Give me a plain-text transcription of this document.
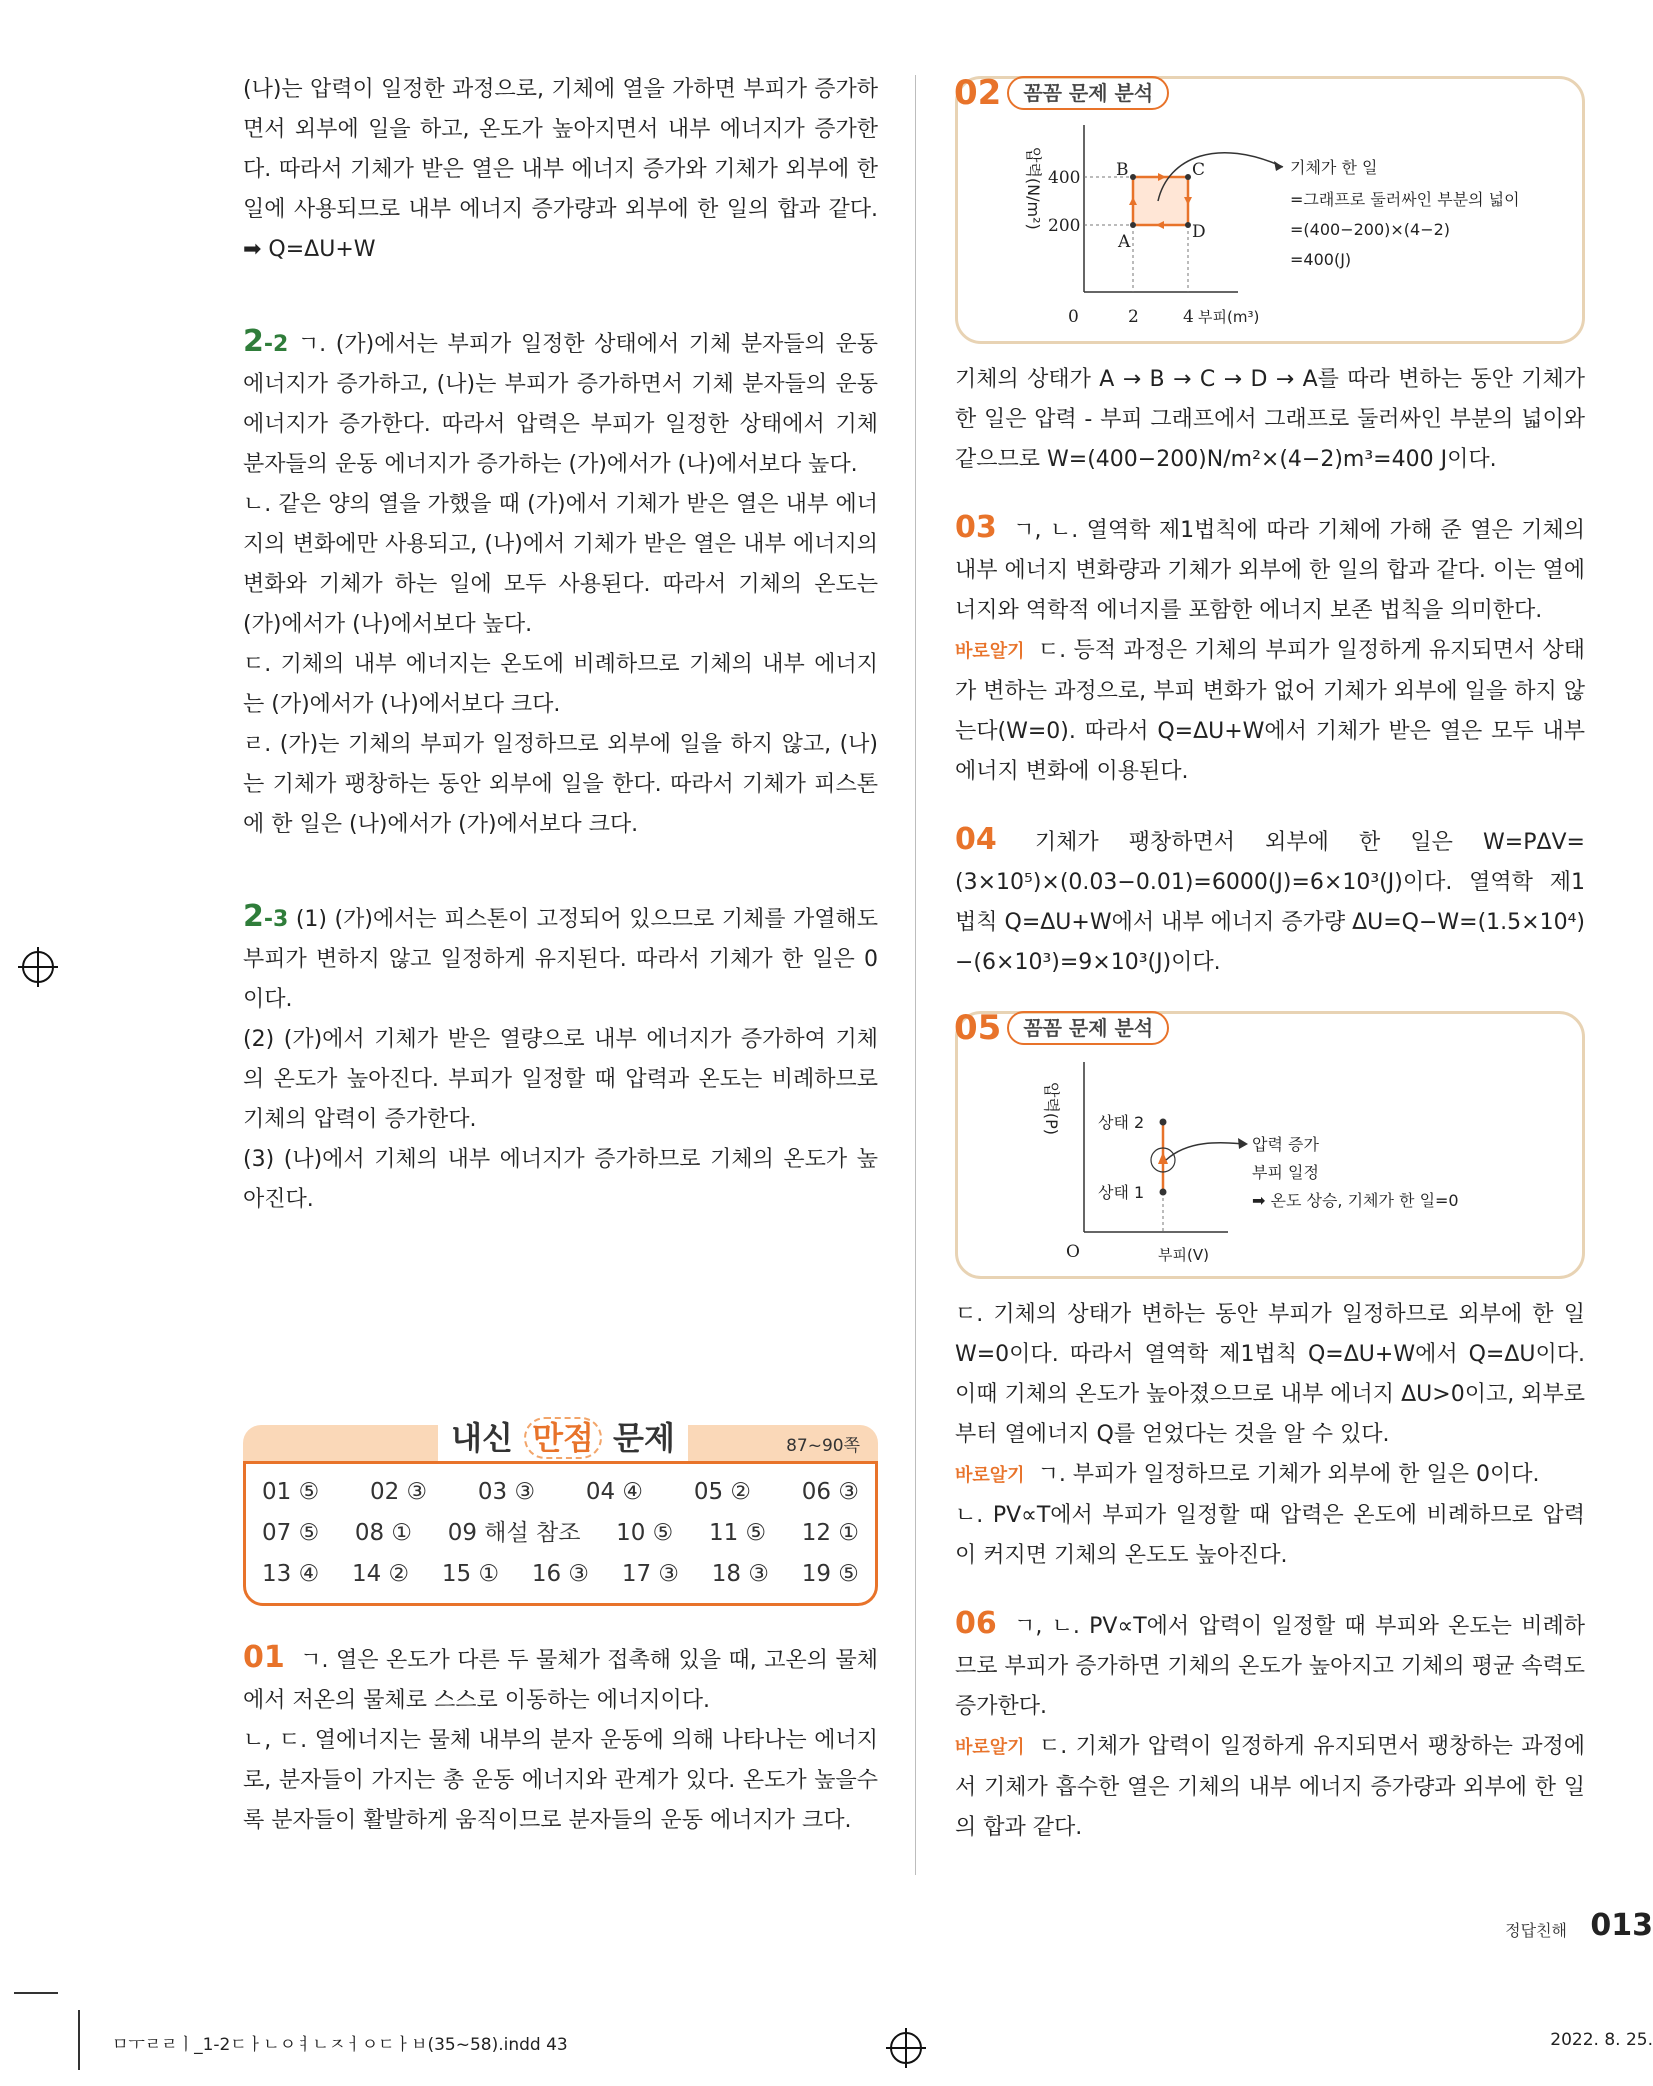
(나)는 압력이 일정한 과정으로, 기체에 열을 가하면 부피가 증가하면서 외부에 일을 하고, 온도가 높아지면서 내부 에너지가 증가한다. 따라서 기체가 받은 열은 내부 에너지 증가와 기체가 외부에 한 일에 사용되므로 내부 에너지 증가량과 외부에 한 일의 합과 같다. ➡ Q=ΔU+W

2-2 ㄱ. (가)에서는 부피가 일정한 상태에서 기체 분자들의 운동 에너지가 증가하고, (나)는 부피가 증가하면서 기체 분자들의 운동 에너지가 증가한다. 따라서 압력은 부피가 일정한 상태에서 기체 분자들의 운동 에너지가 증가하는 (가)에서가 (나)에서보다 높다.

ㄴ. 같은 양의 열을 가했을 때 (가)에서 기체가 받은 열은 내부 에너지의 변화에만 사용되고, (나)에서 기체가 받은 열은 내부 에너지의 변화와 기체가 하는 일에 모두 사용된다. 따라서 기체의 온도는 (가)에서가 (나)에서보다 높다.

ㄷ. 기체의 내부 에너지는 온도에 비례하므로 기체의 내부 에너지는 (가)에서가 (나)에서보다 크다.

ㄹ. (가)는 기체의 부피가 일정하므로 외부에 일을 하지 않고, (나)는 기체가 팽창하는 동안 외부에 일을 한다. 따라서 기체가 피스톤에 한 일은 (나)에서가 (가)에서보다 크다.

2-3 (1) (가)에서는 피스톤이 고정되어 있으므로 기체를 가열해도 부피가 변하지 않고 일정하게 유지된다. 따라서 기체가 한 일은 0이다.

(2) (가)에서 기체가 받은 열량으로 내부 에너지가 증가하여 기체의 온도가 높아진다. 부피가 일정할 때 압력과 온도는 비례하므로 기체의 압력이 증가한다.

(3) (나)에서 기체의 내부 에너지가 증가하므로 기체의 온도가 높아진다.

내신 만점 문제	87~90쪽
01 ⑤ 02 ③ 03 ③ 04 ④ 05 ② 06 ③
07 ⑤ 08 ① 09 해설 참조 10 ⑤ 11 ⑤ 12 ①
13 ④ 14 ② 15 ① 16 ③ 17 ③ 18 ③ 19 ⑤

01 ㄱ. 열은 온도가 다른 두 물체가 접촉해 있을 때, 고온의 물체에서 저온의 물체로 스스로 이동하는 에너지이다.

ㄴ, ㄷ. 열에너지는 물체 내부의 분자 운동에 의해 나타나는 에너지로, 분자들이 가지는 총 운동 에너지와 관계가 있다. 온도가 높을수록 분자들이 활발하게 움직이므로 분자들의 운동 에너지가 크다.

02	꼼꼼 문제 분석
압력(N/m²) 400
200
0	2	4 부피(m³)
B	C
A	D
기체가 한 일
=그래프로 둘러싸인 부분의 넓이
=(400−200)×(4−2)
=400(J)

기체의 상태가 A → B → C → D → A를 따라 변하는 동안 기체가 한 일은 압력 - 부피 그래프에서 그래프로 둘러싸인 부분의 넓이와 같으므로 W=(400−200)N/m²×(4−2)m³=400 J이다.

03 ㄱ, ㄴ. 열역학 제1법칙에 따라 기체에 가해 준 열은 기체의 내부 에너지 변화량과 기체가 외부에 한 일의 합과 같다. 이는 열에너지와 역학적 에너지를 포함한 에너지 보존 법칙을 의미한다.

바로알기 ㄷ. 등적 과정은 기체의 부피가 일정하게 유지되면서 상태가 변하는 과정으로, 부피 변화가 없어 기체가 외부에 일을 하지 않는다(W=0). 따라서 Q=ΔU+W에서 기체가 받은 열은 모두 내부 에너지 변화에 이용된다.

04 기체가 팽창하면서 외부에 한 일은 W=PΔV=(3×10⁵)×(0.03−0.01)=6000(J)=6×10³(J)이다. 열역학 제1법칙 Q=ΔU+W에서 내부 에너지 증가량 ΔU=Q−W=(1.5×10⁴)−(6×10³)=9×10³(J)이다.

05	꼼꼼 문제 분석
압력(P)
O	부피(V)
상태 2
상태 1
압력 증가
부피 일정
➡ 온도 상승, 기체가 한 일=0

ㄷ. 기체의 상태가 변하는 동안 부피가 일정하므로 외부에 한 일 W=0이다. 따라서 열역학 제1법칙 Q=ΔU+W에서 Q=ΔU이다. 이때 기체의 온도가 높아졌으므로 내부 에너지 ΔU>0이고, 외부로부터 열에너지 Q를 얻었다는 것을 알 수 있다.

바로알기 ㄱ. 부피가 일정하므로 기체가 외부에 한 일은 0이다.

ㄴ. PV∝T에서 부피가 일정할 때 압력은 온도에 비례하므로 압력이 커지면 기체의 온도도 높아진다.

06 ㄱ, ㄴ. PV∝T에서 압력이 일정할 때 부피와 온도는 비례하므로 부피가 증가하면 기체의 온도가 높아지고 기체의 평균 속력도 증가한다.

바로알기 ㄷ. 기체가 압력이 일정하게 유지되면서 팽창하는 과정에서 기체가 흡수한 열은 기체의 내부 에너지 증가량과 외부에 한 일의 합과 같다.

정답친해 013
ㅁㅜㄹㄹㅣ_1-2ㄷㅏㄴㅇㅕㄴㅈㅓㅇㄷㅏㅂ(35~58).indd 43	2022. 8. 25.
